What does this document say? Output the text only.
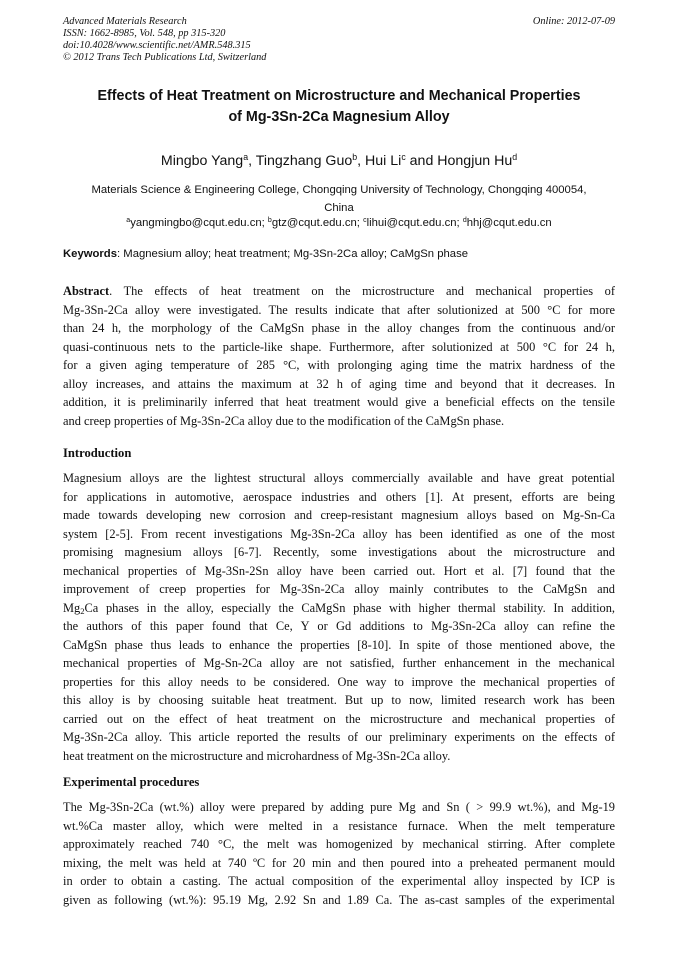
Advanced Materials Research
ISSN: 1662-8985, Vol. 548, pp 315-320
doi:10.4028/www.scientific.net/AMR.548.315
© 2012 Trans Tech Publications Ltd, Switzerland
Online: 2012-07-09
Effects of Heat Treatment on Microstructure and Mechanical Properties
of Mg-3Sn-2Ca Magnesium Alloy
Mingbo Yang$^a$, Tingzhang Guo$^b$, Hui Li$^c$ and Hongjun Hu$^d$
Materials Science & Engineering College, Chongqing University of Technology, Chongqing 400054,
China
$^a$yangmingbo@cqut.edu.cn; $^b$gtz@cqut.edu.cn; $^c$lihui@cqut.edu.cn; $^d$hhj@cqut.edu.cn
Keywords: Magnesium alloy; heat treatment; Mg-3Sn-2Ca alloy; CaMgSn phase
Abstract. The effects of heat treatment on the microstructure and mechanical properties of
Mg-3Sn-2Ca alloy were investigated. The results indicate that after solutionized at 500 °C for more
than 24 h, the morphology of the CaMgSn phase in the alloy changes from the continuous and/or
quasi-continuous nets to the particle-like shape. Furthermore, after solutionized at 500 °C for 24 h,
for a given aging temperature of 285 °C, with prolonging aging time the matrix hardness of the
alloy increases, and attains the maximum at 32 h of aging time and beyond that it decreases. In
addition, it is preliminarily inferred that heat treatment would give a beneficial effects on the tensile
and creep properties of Mg-3Sn-2Ca alloy due to the modification of the CaMgSn phase.
Introduction
Magnesium alloys are the lightest structural alloys commercially available and have great potential
for applications in automotive, aerospace industries and others [1]. At present, efforts are being
made towards developing new corrosion and creep-resistant magnesium alloys based on Mg-Sn-Ca
system [2-5]. From recent investigations Mg-3Sn-2Ca alloy has been identified as one of the most
promising magnesium alloys [6-7]. Recently, some investigations about the microstructure and
mechanical properties of Mg-3Sn-2Sn alloy have been carried out. Hort et al. [7] found that the
improvement of creep properties for Mg-3Sn-2Ca alloy mainly contributes to the CaMgSn and
$Mg_2Ca$ phases in the alloy, especially the CaMgSn phase with higher thermal stability. In addition,
the authors of this paper found that Ce, Y or Gd additions to Mg-3Sn-2Ca alloy can refine the
CaMgSn phase thus leads to enhance the properties [8-10]. In spite of those mentioned above, the
mechanical properties of Mg-Sn-2Ca alloy are not satisfied, further enhancement in the mechanical
properties for this alloy needs to be considered. One way to improve the mechanical properties of
this alloy is by choosing suitable heat treatment. But up to now, limited research work has been
carried out on the effect of heat treatment on the microstructure and mechanical properties of
Mg-3Sn-2Ca alloy. This article reported the results of our preliminary experiments on the effects of
heat treatment on the microstructure and microhardness of Mg-3Sn-2Ca alloy.
Experimental procedures
The Mg-3Sn-2Ca (wt.%) alloy were prepared by adding pure Mg and Sn ( > 99.9 wt.%), and Mg-19
wt.%Ca master alloy, which were melted in a resistance furnace. When the melt temperature
approximately reached 740 °C, the melt was homogenized by mechanical stirring. After complete
mixing, the melt was held at 740 ºC for 20 min and then poured into a preheated permanent mould
in order to obtain a casting. The actual composition of the experimental alloy inspected by ICP is
given as following (wt.%): 95.19 Mg, 2.92 Sn and 1.89 Ca. The as-cast samples of the experimental
